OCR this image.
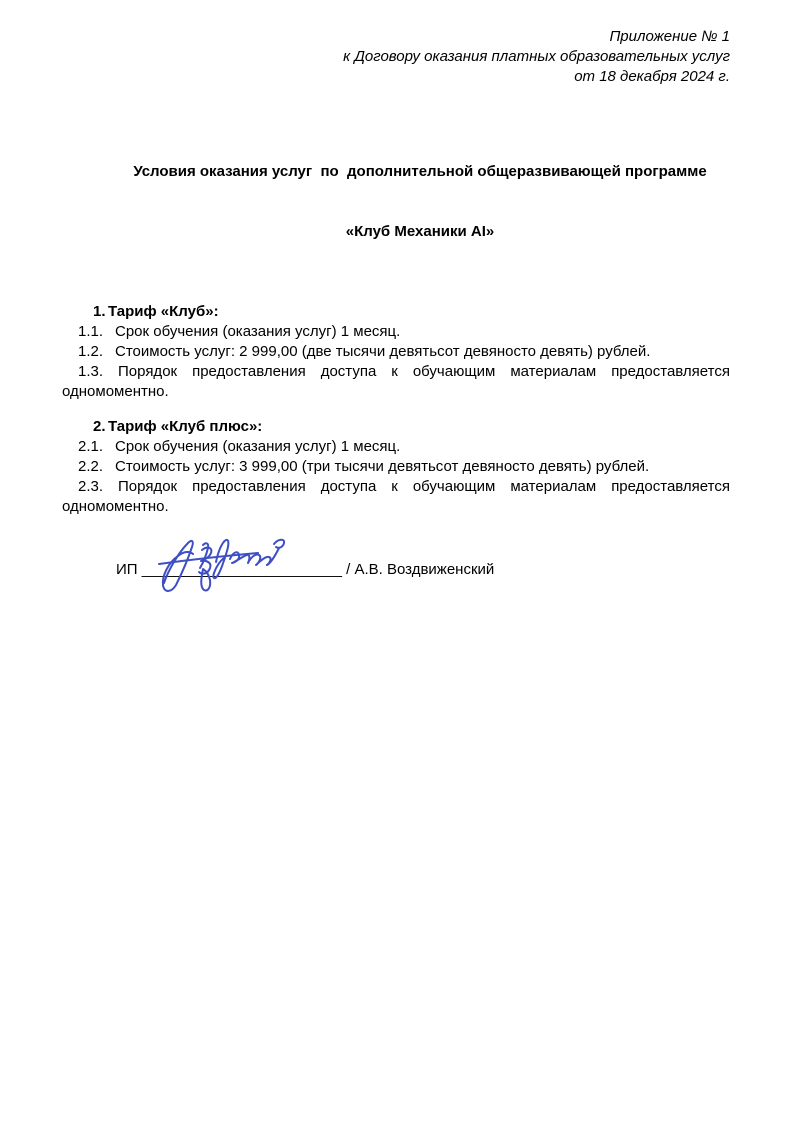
Приложение № 1
к Договору оказания платных образовательных услуг
от 18 декабря 2024 г.

Условия оказания услуг  по  дополнительной общеразвивающей программе

«Клуб Механики AI»

1. Тариф «Клуб»:
1.1. Срок обучения (оказания услуг) 1 месяц.
1.2. Стоимость услуг: 2 999,00 (две тысячи девятьсот девяносто девять) рублей.
1.3. Порядок предоставления доступа к обучающим материалам предоставляется
одномоментно.
2. Тариф «Клуб плюс»:
2.1. Срок обучения (оказания услуг) 1 месяц.
2.2. Стоимость услуг: 3 999,00 (три тысячи девятьсот девяносто девять) рублей.
2.3. Порядок предоставления доступа к обучающим материалам предоставляется
одномоментно.
ИП ________________________ / А.В. Воздвиженский
